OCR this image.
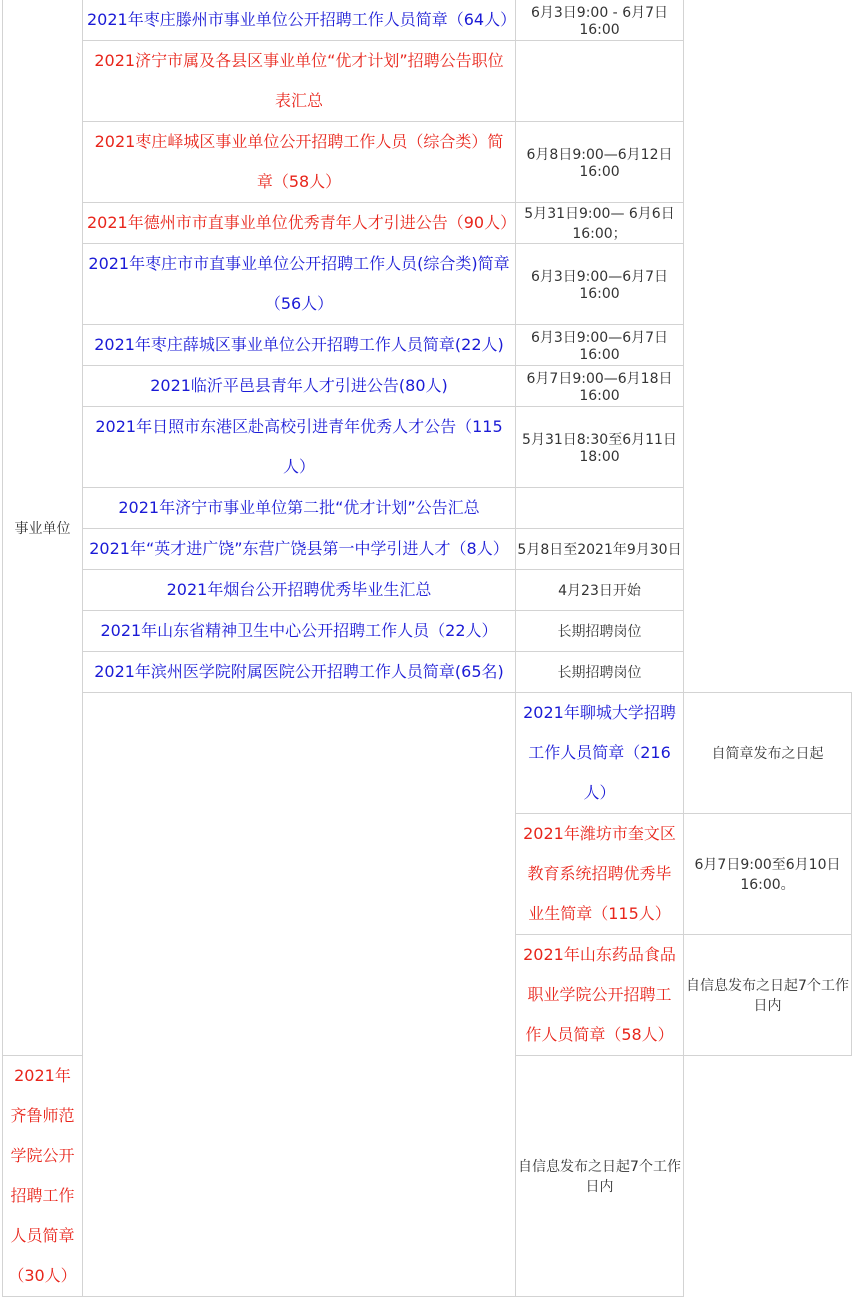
事业单位	2021年枣庄滕州市事业单位公开招聘工作人员简章（64人）	6月3日9:00 - 6月7日16:00	
	2021济宁市属及各县区事业单位“优才计划”招聘公告职位表汇总		
	2021枣庄峄城区事业单位公开招聘工作人员（综合类）简章（58人）	6月8日9:00—6月12日16:00	
	2021年德州市市直事业单位优秀青年人才引进公告（90人）	5月31日9:00— 6月6日16:00；	
	2021年枣庄市市直事业单位公开招聘工作人员(综合类)简章（56人）	6月3日9:00—6月7日16:00	
	2021年枣庄薛城区事业单位公开招聘工作人员简章(22人)	6月3日9:00—6月7日16:00	
	2021临沂平邑县青年人才引进公告(80人)	6月7日9:00—6月18日16:00	
	2021年日照市东港区赴高校引进青年优秀人才公告（115人）	5月31日8:30至6月11日18:00	
	2021年济宁市事业单位第二批“优才计划”公告汇总		
	2021年“英才进广饶”东营广饶县第一中学引进人才（8人）	5月8日至2021年9月30日	
	2021年烟台公开招聘优秀毕业生汇总	4月23日开始	
	2021年山东省精神卫生中心公开招聘工作人员（22人）	长期招聘岗位	
	2021年滨州医学院附属医院公开招聘工作人员简章(65名)	长期招聘岗位	
		2021年聊城大学招聘工作人员简章（216人）	自简章发布之日起
		2021年潍坊市奎文区教育系统招聘优秀毕业生简章（115人）	6月7日9:00至6月10日16:00。
		2021年山东药品食品职业学院公开招聘工作人员简章（58人）	自信息发布之日起7个工作日内
2021年齐鲁师范学院公开招聘工作人员简章（30人）		自信息发布之日起7个工作日内	
